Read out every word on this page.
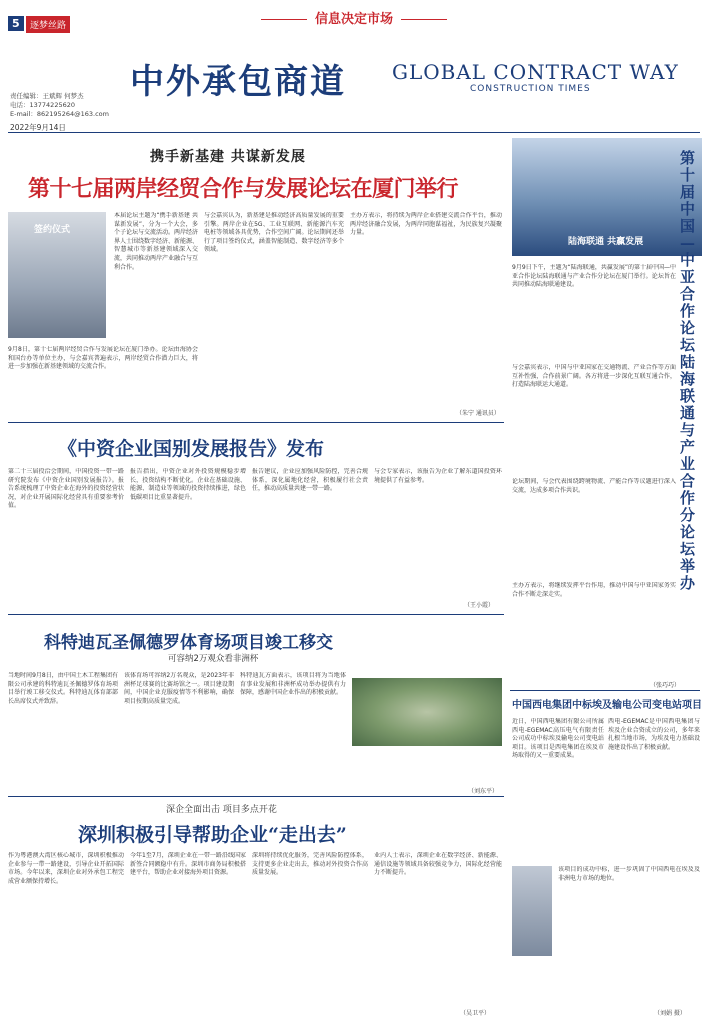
5	逐梦丝路	信息决定市场
中外承包商道 GLOBAL CONTRACT WAY
CONSTRUCTION TIMES
责任编辑：王斌辉 何梦杰
电话：13774225620
E-mail：862195264@163.com
2022年9月14日
携手新基建 共谋新发展
第十七届两岸经贸合作与发展论坛在厦门举行
签约仪式
本届论坛主题为“携手新基建 共谋新发展”，分为一个大会，多个子论坛与交流活动。两岸经济界人士围绕数字经济、新能源、智慧城市等新基建领域深入交流，共同推动两岸产业融合与互利合作。
9月8日，第十七届两岸经贸合作与发展论坛在厦门举办。论坛由海协会和国台办等单位主办，与会嘉宾普遍表示，两岸经贸合作潜力巨大，将进一步加强在新基建领域的交流合作。
与会嘉宾认为，新基建是推动经济高质量发展的重要引擎。两岸企业在5G、工业互联网、新能源汽车充电桩等领域各具优势，合作空间广阔。论坛期间还举行了项目签约仪式，涵盖智能制造、数字经济等多个领域。
主办方表示，将持续为两岸企业搭建交流合作平台，推动两岸经济融合发展，为两岸同胞谋福祉，为民族复兴凝聚力量。
（朱宁 通讯员）
《中资企业国别发展报告》发布
第二十三届投洽会期间，中国投资一带一路研究院发布《中资企业国别发展报告》。报告系统梳理了中资企业在海外的投资经营状况，对企业开展国际化经营具有重要参考价值。
报告指出，中资企业对外投资规模稳步增长，投资结构不断优化。企业在基础设施、能源、制造业等领域的投资持续推进，绿色低碳项目比重显著提升。
报告建议，企业应加强风险防控，完善合规体系，深化属地化经营，积极履行社会责任，推动高质量共建一带一路。
与会专家表示，该报告为企业了解东道国投资环境提供了有益参考。
（王小霞）
科特迪瓦圣佩德罗体育场项目竣工移交
可容纳2万观众看非洲杯
当地时间9月8日，由中国土木工程集团有限公司承建的科特迪瓦圣佩德罗体育场项目举行竣工移交仪式。科特迪瓦体育部部长出席仪式并致辞。
该体育场可容纳2万名观众，是2023年非洲杯足球赛的比赛场馆之一。项目建设期间，中国企业克服疫情等不利影响，确保项目按期高质量完成。
科特迪瓦方面表示，该项目将为当地体育事业发展和非洲杯成功举办提供有力保障，感谢中国企业作出的积极贡献。
（刘东平）
深企全面出击 项目多点开花
深圳积极引导帮助企业“走出去”
作为粤港澳大湾区核心城市，深圳积极推动企业参与一带一路建设，引导企业开拓国际市场。今年以来，深圳企业对外承包工程完成营业额保持增长。
今年1至7月，深圳企业在一带一路沿线国家新签合同额稳中有升。深圳市商务局积极搭建平台，帮助企业对接海外项目资源。
深圳将持续优化服务，完善风险防控体系，支持更多企业走出去，推动对外投资合作高质量发展。
业内人士表示，深圳企业在数字经济、新能源、通信设施等领域具备较强竞争力，国际化经营能力不断提升。
（吴卫平）
陆海联通 共赢发展
第十届中国—中亚合作论坛陆海联通与产业合作分论坛举办
9月9日下午，主题为“陆海联通，共赢发展”的第十届中国—中亚合作论坛陆海联通与产业合作分论坛在厦门举行。论坛旨在共同推动陆海联通建设。
与会嘉宾表示，中国与中亚国家在交通物流、产业合作等方面互补性强，合作前景广阔。各方将进一步深化互联互通合作，打造陆海联运大通道。
论坛期间，与会代表围绕跨境物流、产能合作等议题进行深入交流，达成多项合作共识。
主办方表示，将继续发挥平台作用，推动中国与中亚国家务实合作不断走深走实。
（张巧巧）
中国西电集团中标埃及输电公司变电站项目
近日，中国西电集团有限公司所属西电-EGEMAC高压电气有限责任公司成功中标埃及输电公司变电站项目。该项目是西电集团在埃及市场取得的又一重要成果。
西电-EGEMAC是中国西电集团与埃及企业合资成立的公司，多年来扎根当地市场，为埃及电力基础设施建设作出了积极贡献。
该项目的成功中标，进一步巩固了中国西电在埃及及非洲电力市场的地位。
（刘娟 摄）
